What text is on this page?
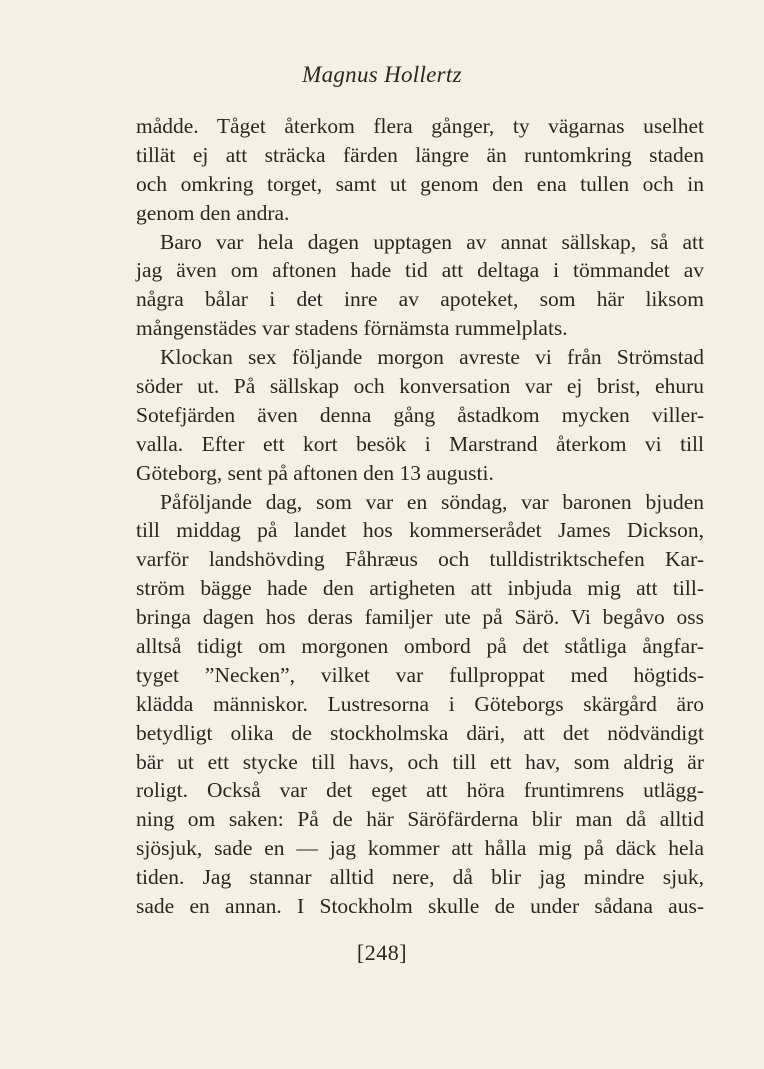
Magnus Hollertz
mådde. Tåget återkom flera gånger, ty vägarnas uselhet
tillät ej att sträcka färden längre än runtomkring staden
och omkring torget, samt ut genom den ena tullen och in
genom den andra.
Baro var hela dagen upptagen av annat sällskap, så att
jag även om aftonen hade tid att deltaga i tömmandet av
några bålar i det inre av apoteket, som här liksom
mångenstädes var stadens förnämsta rummelplats.
Klockan sex följande morgon avreste vi från Strömstad
söder ut. På sällskap och konversation var ej brist, ehuru
Sotefjärden även denna gång åstadkom mycken viller-
valla. Efter ett kort besök i Marstrand återkom vi till
Göteborg, sent på aftonen den 13 augusti.
Påföljande dag, som var en söndag, var baronen bjuden
till middag på landet hos kommerserådet James Dickson,
varför landshövding Fåhræus och tulldistriktschefen Kar-
ström bägge hade den artigheten att inbjuda mig att till-
bringa dagen hos deras familjer ute på Särö. Vi begåvo oss
alltså tidigt om morgonen ombord på det ståtliga ångfar-
tyget ”Necken”, vilket var fullproppat med högtids-
klädda människor. Lustresorna i Göteborgs skärgård äro
betydligt olika de stockholmska däri, att det nödvändigt
bär ut ett stycke till havs, och till ett hav, som aldrig är
roligt. Också var det eget att höra fruntimrens utlägg-
ning om saken: På de här Säröfärderna blir man då alltid
sjösjuk, sade en — jag kommer att hålla mig på däck hela
tiden. Jag stannar alltid nere, då blir jag mindre sjuk,
sade en annan. I Stockholm skulle de under sådana aus-
[248]
